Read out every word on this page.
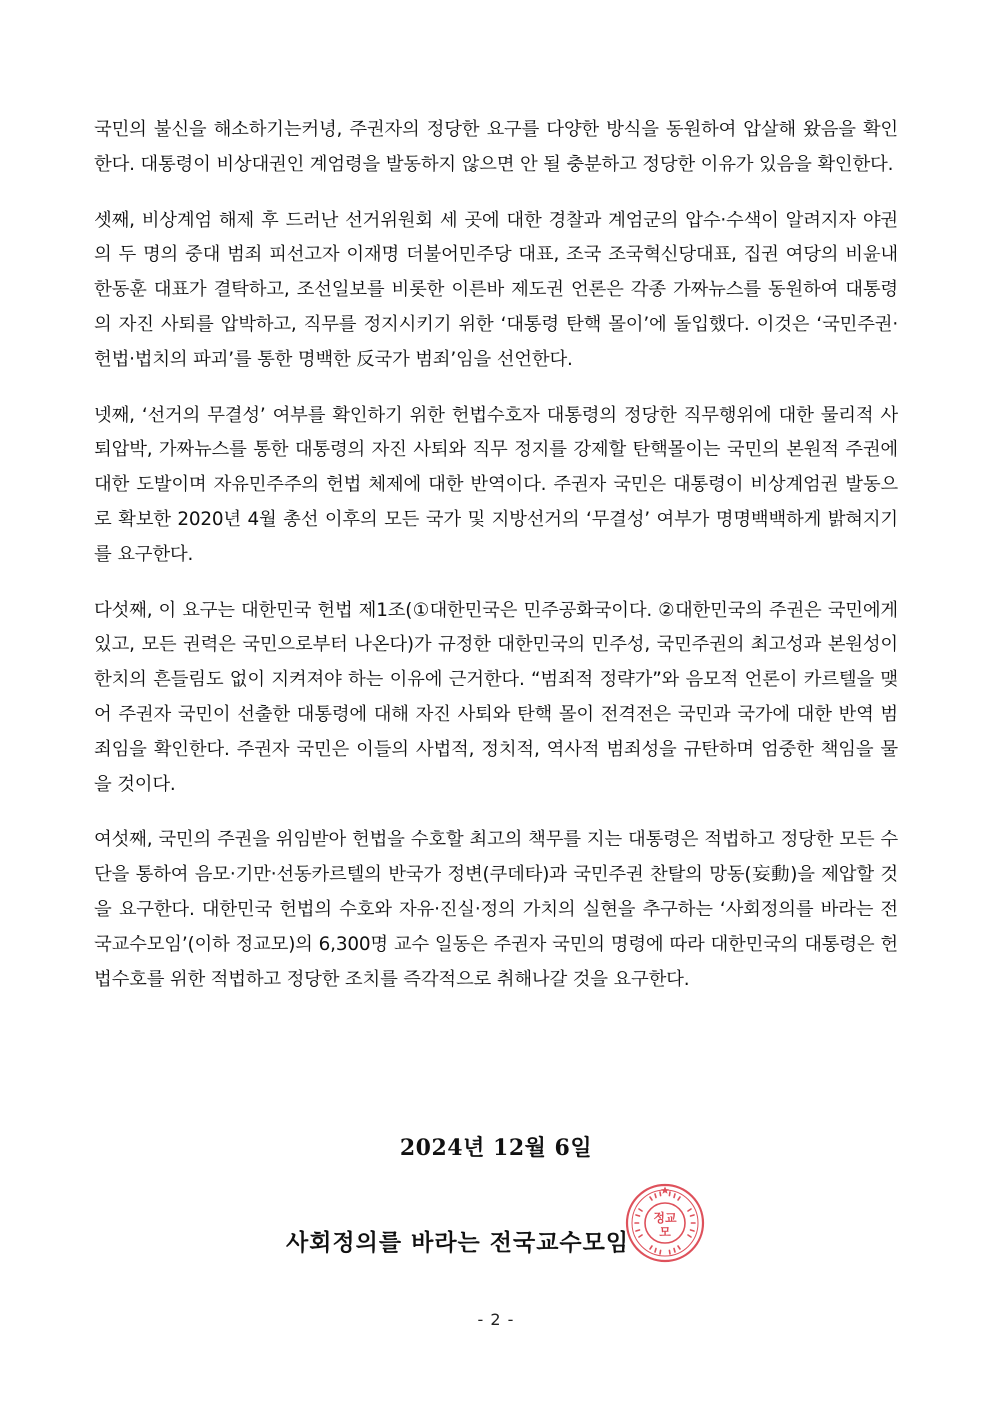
국민의 불신을 해소하기는커녕, 주권자의 정당한 요구를 다양한 방식을 동원하여 압살해 왔음을 확인한다. 대통령이 비상대권인 계엄령을 발동하지 않으면 안 될 충분하고 정당한 이유가 있음을 확인한다.

셋째, 비상계엄 해제 후 드러난 선거위원회 세 곳에 대한 경찰과 계엄군의 압수·수색이 알려지자 야권의 두 명의 중대 범죄 피선고자 이재명 더불어민주당 대표, 조국 조국혁신당대표, 집권 여당의 비윤내 한동훈 대표가 결탁하고, 조선일보를 비롯한 이른바 제도권 언론은 각종 가짜뉴스를 동원하여 대통령의 자진 사퇴를 압박하고, 직무를 정지시키기 위한 ‘대통령 탄핵 몰이’에 돌입했다. 이것은 ‘국민주권·헌법·법치의 파괴’를 통한 명백한 反국가 범죄’임을 선언한다.

넷째, ‘선거의 무결성’ 여부를 확인하기 위한 헌법수호자 대통령의 정당한 직무행위에 대한 물리적 사퇴압박, 가짜뉴스를 통한 대통령의 자진 사퇴와 직무 정지를 강제할 탄핵몰이는 국민의 본원적 주권에 대한 도발이며 자유민주주의 헌법 체제에 대한 반역이다. 주권자 국민은 대통령이 비상계엄권 발동으로 확보한 2020년 4월 총선 이후의 모든 국가 및 지방선거의 ‘무결성’ 여부가 명명백백하게 밝혀지기를 요구한다.

다섯째, 이 요구는 대한민국 헌법 제1조(①대한민국은 민주공화국이다. ②대한민국의 주권은 국민에게 있고, 모든 권력은 국민으로부터 나온다)가 규정한 대한민국의 민주성, 국민주권의 최고성과 본원성이 한치의 흔들림도 없이 지켜져야 하는 이유에 근거한다. “범죄적 정략가”와 음모적 언론이 카르텔을 맺어 주권자 국민이 선출한 대통령에 대해 자진 사퇴와 탄핵 몰이 전격전은 국민과 국가에 대한 반역 범죄임을 확인한다. 주권자 국민은 이들의 사법적, 정치적, 역사적 범죄성을 규탄하며 엄중한 책임을 물을 것이다.

여섯째, 국민의 주권을 위임받아 헌법을 수호할 최고의 책무를 지는 대통령은 적법하고 정당한 모든 수단을 통하여 음모·기만·선동카르텔의 반국가 정변(쿠데타)과 국민주권 찬탈의 망동(妄動)을 제압할 것을 요구한다. 대한민국 헌법의 수호와 자유·진실·정의 가치의 실현을 추구하는 ‘사회정의를 바라는 전국교수모임’(이하 정교모)의 6,300명 교수 일동은 주권자 국민의 명령에 따라 대한민국의 대통령은 헌법수호를 위한 적법하고 정당한 조치를 즉각적으로 취해나갈 것을 요구한다.

2024년 12월 6일
사회정의를 바라는 전국교수모임
정교
모
- 2 -
